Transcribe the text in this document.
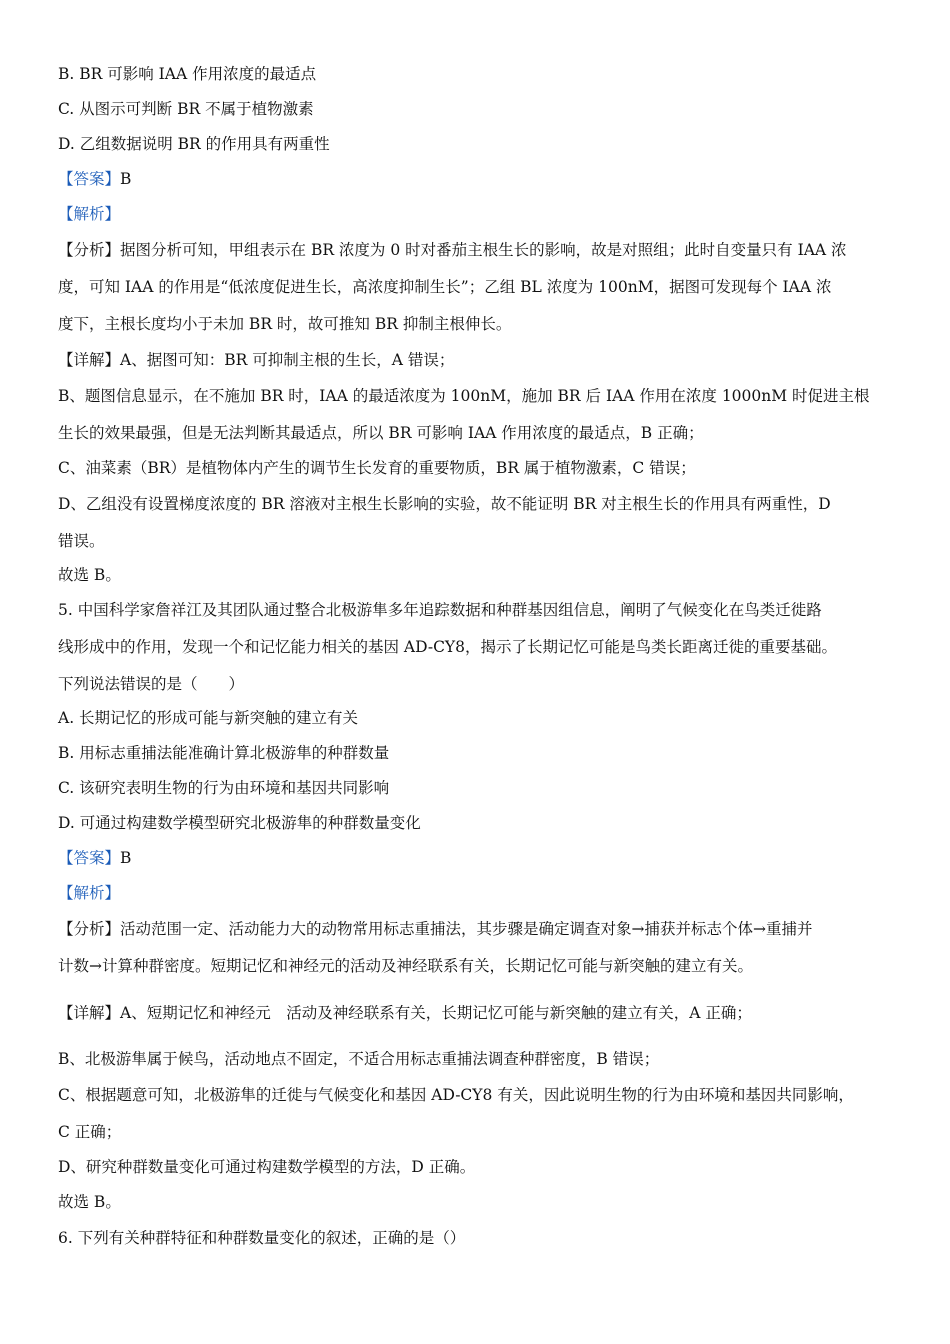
B. BR 可影响 IAA 作用浓度的最适点
C. 从图示可判断 BR 不属于植物激素
D. 乙组数据说明 BR 的作用具有两重性
【答案】B
【解析】
【分析】据图分析可知，甲组表示在 BR 浓度为 0 时对番茄主根生长的影响，故是对照组；此时自变量只有 IAA 浓
度，可知 IAA 的作用是“低浓度促进生长，高浓度抑制生长”；乙组 BL 浓度为 100nM，据图可发现每个 IAA 浓
度下，主根长度均小于未加 BR 时，故可推知 BR 抑制主根伸长。
【详解】A、据图可知：BR 可抑制主根的生长，A 错误；
B、题图信息显示，在不施加 BR 时，IAA 的最适浓度为 100nM，施加 BR 后 IAA 作用在浓度 1000nM 时促进主根
生长的效果最强，但是无法判断其最适点，所以 BR 可影响 IAA 作用浓度的最适点，B 正确；
C、油菜素（BR）是植物体内产生的调节生长发育的重要物质，BR 属于植物激素，C 错误；
D、乙组没有设置梯度浓度的 BR 溶液对主根生长影响的实验，故不能证明 BR 对主根生长的作用具有两重性，D
错误。
故选 B。
5. 中国科学家詹祥江及其团队通过整合北极游隼多年追踪数据和种群基因组信息，阐明了气候变化在鸟类迁徙路
线形成中的作用，发现一个和记忆能力相关的基因 AD-CY8，揭示了长期记忆可能是鸟类长距离迁徙的重要基础。
下列说法错误的是（　　）
A. 长期记忆的形成可能与新突触的建立有关
B. 用标志重捕法能准确计算北极游隼的种群数量
C. 该研究表明生物的行为由环境和基因共同影响
D. 可通过构建数学模型研究北极游隼的种群数量变化
【答案】B
【解析】
【分析】活动范围一定、活动能力大的动物常用标志重捕法，其步骤是确定调查对象→捕获并标志个体→重捕并
计数→计算种群密度。短期记忆和神经元的活动及神经联系有关，长期记忆可能与新突触的建立有关。
【详解】A、短期记忆和神经元　活动及神经联系有关，长期记忆可能与新突触的建立有关，A 正确；
B、北极游隼属于候鸟，活动地点不固定，不适合用标志重捕法调查种群密度，B 错误；
C、根据题意可知，北极游隼的迁徙与气候变化和基因 AD-CY8 有关，因此说明生物的行为由环境和基因共同影响，
C 正确；
D、研究种群数量变化可通过构建数学模型的方法，D 正确。
故选 B。
6. 下列有关种群特征和种群数量变化的叙述，正确的是（）
